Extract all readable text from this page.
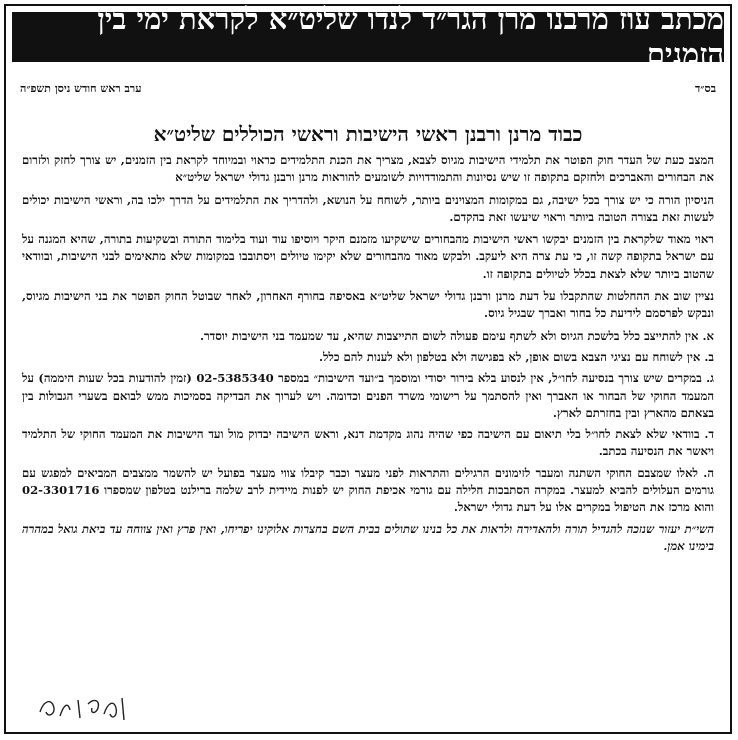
מכתב עוז מרבנו מרן הגר״ד לנדו שליט״א לקראת ימי בין הזמנים
בס״ד
ערב ראש חודש ניסן תשפ״ה
כבוד מרנן ורבנן ראשי הישיבות וראשי הכוללים שליט״א

המצב כעת של העדר חוק הפוטר את תלמידי הישיבות מגיוס לצבא, מצריך את הכנת התלמידים כראוי ובמיוחד לקראת בין הזמנים, יש צורך לחזק ולזרום את הבחורים והאברכים ולחזקם בתקופה זו שיש נסיונות והתמודדויות לשומעים להוראות מרנן ורבנן גדולי ישראל שליט״א

הניסיון הורה כי יש צורך בכל ישיבה, גם במקומות המצוינים ביותר, לשוחח על הנושא, ולהדריך את התלמידים על הדרך ילכו בה, וראשי הישיבות יכולים לעשות זאת בצורה הטובה ביותר וראוי שיעשו זאת בהקדם.

ראוי מאוד שלקראת בין הזמנים יבקשו ראשי הישיבות מהבחורים שישקיעו מזמנם היקר ויוסיפו עוד ועוד בלימוד התורה ובשקיעות בתורה, שהיא המגנה על עם ישראל בתקופה קשה זו, כי עת צרה היא ליעקב. ולבקש מאוד מהבחורים שלא יקימו טיולים ויסתובבו במקומות שלא מתאימים לבני הישיבות, ובוודאי שהטוב ביותר שלא לצאת בכלל לטיולים בתקופה זו.

נציין שוב את ההחלטות שהתקבלו על דעת מרנן ורבנן גדולי ישראל שליט״א באסיפה בחורף האחרון, לאחר שבוטל החוק הפוטר את בני הישיבות מגיוס, ונבקש לפרסמם לידיעת כל בחור ואברך שבגיל גיוס.

א. אין להתייצב כלל בלשכת הגיוס ולא לשתף עימם פעולה לשום התייצבות שהיא, עד שמעמד בני הישיבות יוסדר.

ב. אין לשוחח עם נציגי הצבא בשום אופן, לא בפגישה ולא בטלפון ולא לענות להם כלל.

ג. במקרים שיש צורך בנסיעה לחו״ל, אין לנסוע בלא בירור יסודי ומוסמך ב״ועד הישיבות״ במספר 02-5385340 (זמין להודעות בכל שעות היממה) על המעמד החוקי של הבחור או האברך ואין להסתמך על רישומי משרד הפנים וכדומה. ויש לערוך את הבדיקה בסמיכות ממש לבואם בשערי הגבולות בין בצאתם מהארץ ובין בחזרתם לארץ.

ד. בוודאי שלא לצאת לחו״ל בלי תיאום עם הישיבה כפי שהיה נהוג מקדמת דנא, וראש הישיבה יבדוק מול ועד הישיבות את המעמד החוקי של התלמיד ויאשר את הנסיעה בכתב.

ה. לאלו שמצבם החוקי השתנה ומעבר לזימונים הרגילים והתראות לפני מעצר וכבר קיבלו צווי מעצר בפועל יש להשמר ממצבים המביאים למפגש עם גורמים העלולים להביא למעצר. במקרה הסתבכות חלילה עם גורמי אכיפת החוק יש לפנות מיידית לרב שלמה ברילנט בטלפון שמספרו 02-3301716 והוא מרכז את הטיפול במקרים אלו על דעת גדולי ישראל.

השי״ת יעזור שנזכה להגדיל תורה ולהאדירה ולראות את כל בנינו שתולים בבית השם בחצרות אלוקינו יפריחו, ואין פרץ ואין צווחה עד ביאת גואל במהרה בימינו אמן.
